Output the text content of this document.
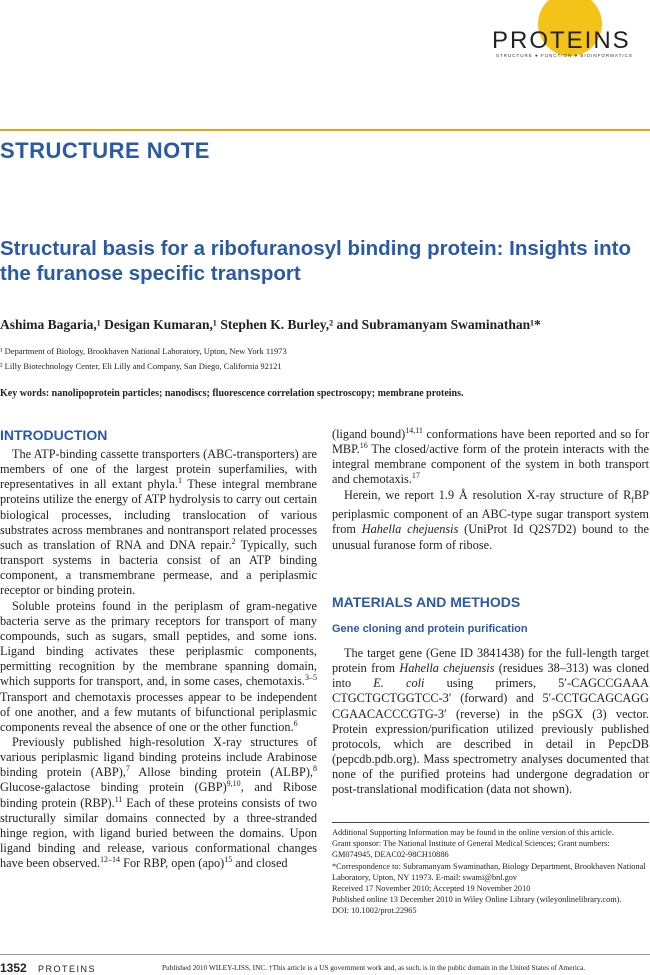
PROTEINS
STRUCTURE ● FUNCTION ● BIOINFORMATICS
STRUCTURE NOTE
Structural basis for a ribofuranosyl binding protein: Insights into the furanose specific transport
Ashima Bagaria,¹ Desigan Kumaran,¹ Stephen K. Burley,² and Subramanyam Swaminathan¹*
¹ Department of Biology, Brookhaven National Laboratory, Upton, New York 11973
² Lilly Biotechnology Center, Eli Lilly and Company, San Diego, California 92121
Key words: nanolipoprotein particles; nanodiscs; fluorescence correlation spectroscopy; membrane proteins.
INTRODUCTION

The ATP-binding cassette transporters (ABC-transporters) are members of one of the largest protein superfamilies, with representatives in all extant phyla.$^1$ These integral membrane proteins utilize the energy of ATP hydrolysis to carry out certain biological processes, including translocation of various substrates across membranes and nontransport related processes such as translation of RNA and DNA repair.$^2$ Typically, such transport systems in bacteria consist of an ATP binding component, a transmembrane permease, and a periplasmic receptor or binding protein.

Soluble proteins found in the periplasm of gram-negative bacteria serve as the primary receptors for transport of many compounds, such as sugars, small peptides, and some ions. Ligand binding activates these periplasmic components, permitting recognition by the membrane spanning domain, which supports for transport, and, in some cases, chemotaxis.$^{3-5}$ Transport and chemotaxis processes appear to be independent of one another, and a few mutants of bifunctional periplasmic components reveal the absence of one or the other function.$^6$

Previously published high-resolution X-ray structures of various periplasmic ligand binding proteins include Arabinose binding protein (ABP),$^7$ Allose binding protein (ALBP),$^8$ Glucose-galactose binding protein (GBP)$^{9,10}$, and Ribose binding protein (RBP).$^{11}$ Each of these proteins consists of two structurally similar domains connected by a three-stranded hinge region, with ligand buried between the domains. Upon ligand binding and release, various conformational changes have been observed.$^{12-14}$ For RBP, open (apo)$^{15}$ and closed

(ligand bound)$^{14,11}$ conformations have been reported and so for MBP.$^{16}$ The closed/active form of the protein interacts with the integral membrane component of the system in both transport and chemotaxis.$^{17}$

Herein, we report 1.9 Å resolution X-ray structure of $R_fBP$ periplasmic component of an ABC-type sugar transport system from Hahella chejuensis (UniProt Id Q2S7D2) bound to the unusual furanose form of ribose.

MATERIALS AND METHODS
Gene cloning and protein purification

The target gene (Gene ID 3841438) for the full-length target protein from Hahella chejuensis (residues 38–313) was cloned into E. coli using primers, 5′-CAGCCGAAA CTGCTGCTGGTCC-3′ (forward) and 5′-CCTGCAGCAGG CGAACACCCGTG-3′ (reverse) in the pSGX (3) vector. Protein expression/purification utilized previously published protocols, which are described in detail in PepcDB (pepcdb.pdb.org). Mass spectrometry analyses documented that none of the purified proteins had undergone degradation or post-translational modification (data not shown).

Additional Supporting Information may be found in the online version of this article.
Grant sponsor: The National Institute of General Medical Sciences; Grant numbers: GM074945, DEAC02-98CH10886
*Correspondence to: Subramanyam Swaminathan, Biology Department, Brookhaven National Laboratory, Upton, NY 11973. E-mail: swami@bnl.gov
Received 17 November 2010; Accepted 19 November 2010
Published online 13 December 2010 in Wiley Online Library (wileyonlinelibrary.com).
DOI: 10.1002/prot.22965
1352 PROTEINS	Published 2010 WILEY-LISS, INC. †This article is a US government work and, as such, is in the public domain in the United States of America.
